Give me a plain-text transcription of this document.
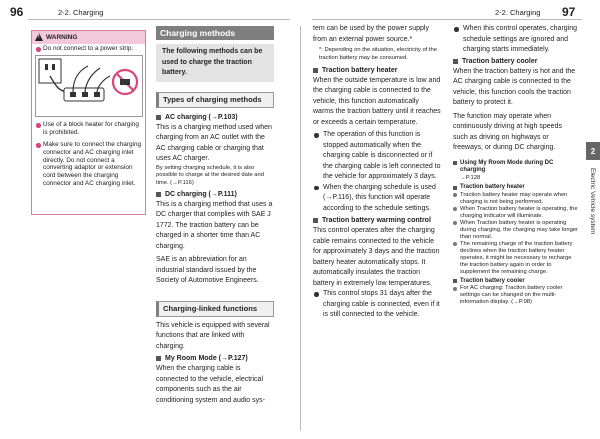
96	2-2. Charging	2-2. Charging 97
!
WARNING
Do not connect to a power strip.
Use of a block heater for charging is prohibited.
Make sure to connect the charging connector and AC charging inlet directly. Do not connect a converting adaptor or extension cord between the charging connector and AC charging inlet.
Charging methods
The following methods can be used to charge the traction battery.
Types of charging methods
AC charging (→P.103)
This is a charging method used when charging from an AC outlet with the AC charging cable or charging that uses AC charger.
By setting charging schedule, it is also possible to charge at the desired date and time. (→P.116)
DC charging (→P.111)
This is a charging method that uses a DC charger that complies with SAE J 1772. The traction battery can be charged in a shorter time than AC charging.
SAE is an abbreviation for an industrial standard issued by the Society of Automotive Engineers.
Charging-linked functions
This vehicle is equipped with several functions that are linked with charging.
My Room Mode (→P.127)
When the charging cable is connected to the vehicle, electrical components such as the air conditioning system and audio sys-
tem can be used by the power supply from an external power source.*
*: Depending on the situation, electricity of the traction battery may be consumed.
Traction battery heater
When the outside temperature is low and the charging cable is connected to the vehicle, this function automatically warms the traction battery until it reaches or exceeds a certain temperature.
The operation of this function is stopped automatically when the charging cable is disconnected or if the charging cable is left connected to the vehicle for approximately 3 days.
When the charging schedule is used (→P.116), this function will operate according to the schedule settings.
Traction battery warming control
This control operates after the charging cable remains connected to the vehicle for approximately 3 days and the traction battery heater automatically stops. It automatically insulates the traction battery in extremely low temperatures.
This control stops 31 days after the charging cable is connected, even if it is still connected to the vehicle.
When this control operates, charging schedule settings are ignored and charging starts immediately.
Traction battery cooler
When the traction battery is hot and the AC charging cable is connected to the vehicle, this function cools the traction battery to protect it.
The function may operate when continuously driving at high speeds such as driving on highways or freeways, or during DC charging.
Using My Room Mode during DC charging
→P.128
Traction battery heater
Traction battery heater may operate when charging is not being performed.
When Traction battery heater is operating, the charging indicator will illuminate.
When Traction battery heater is operating during charging, the charging may take longer than normal.
The remaining charge of the traction battery declines when the traction battery heater operates, it might be necessary to recharge the traction battery again in order to supplement the remaining charge.
Traction battery cooler
For AC charging: Traction battery cooler settings can be changed on the multi-information display. (→P.98)
2
Electric Vehicle system
